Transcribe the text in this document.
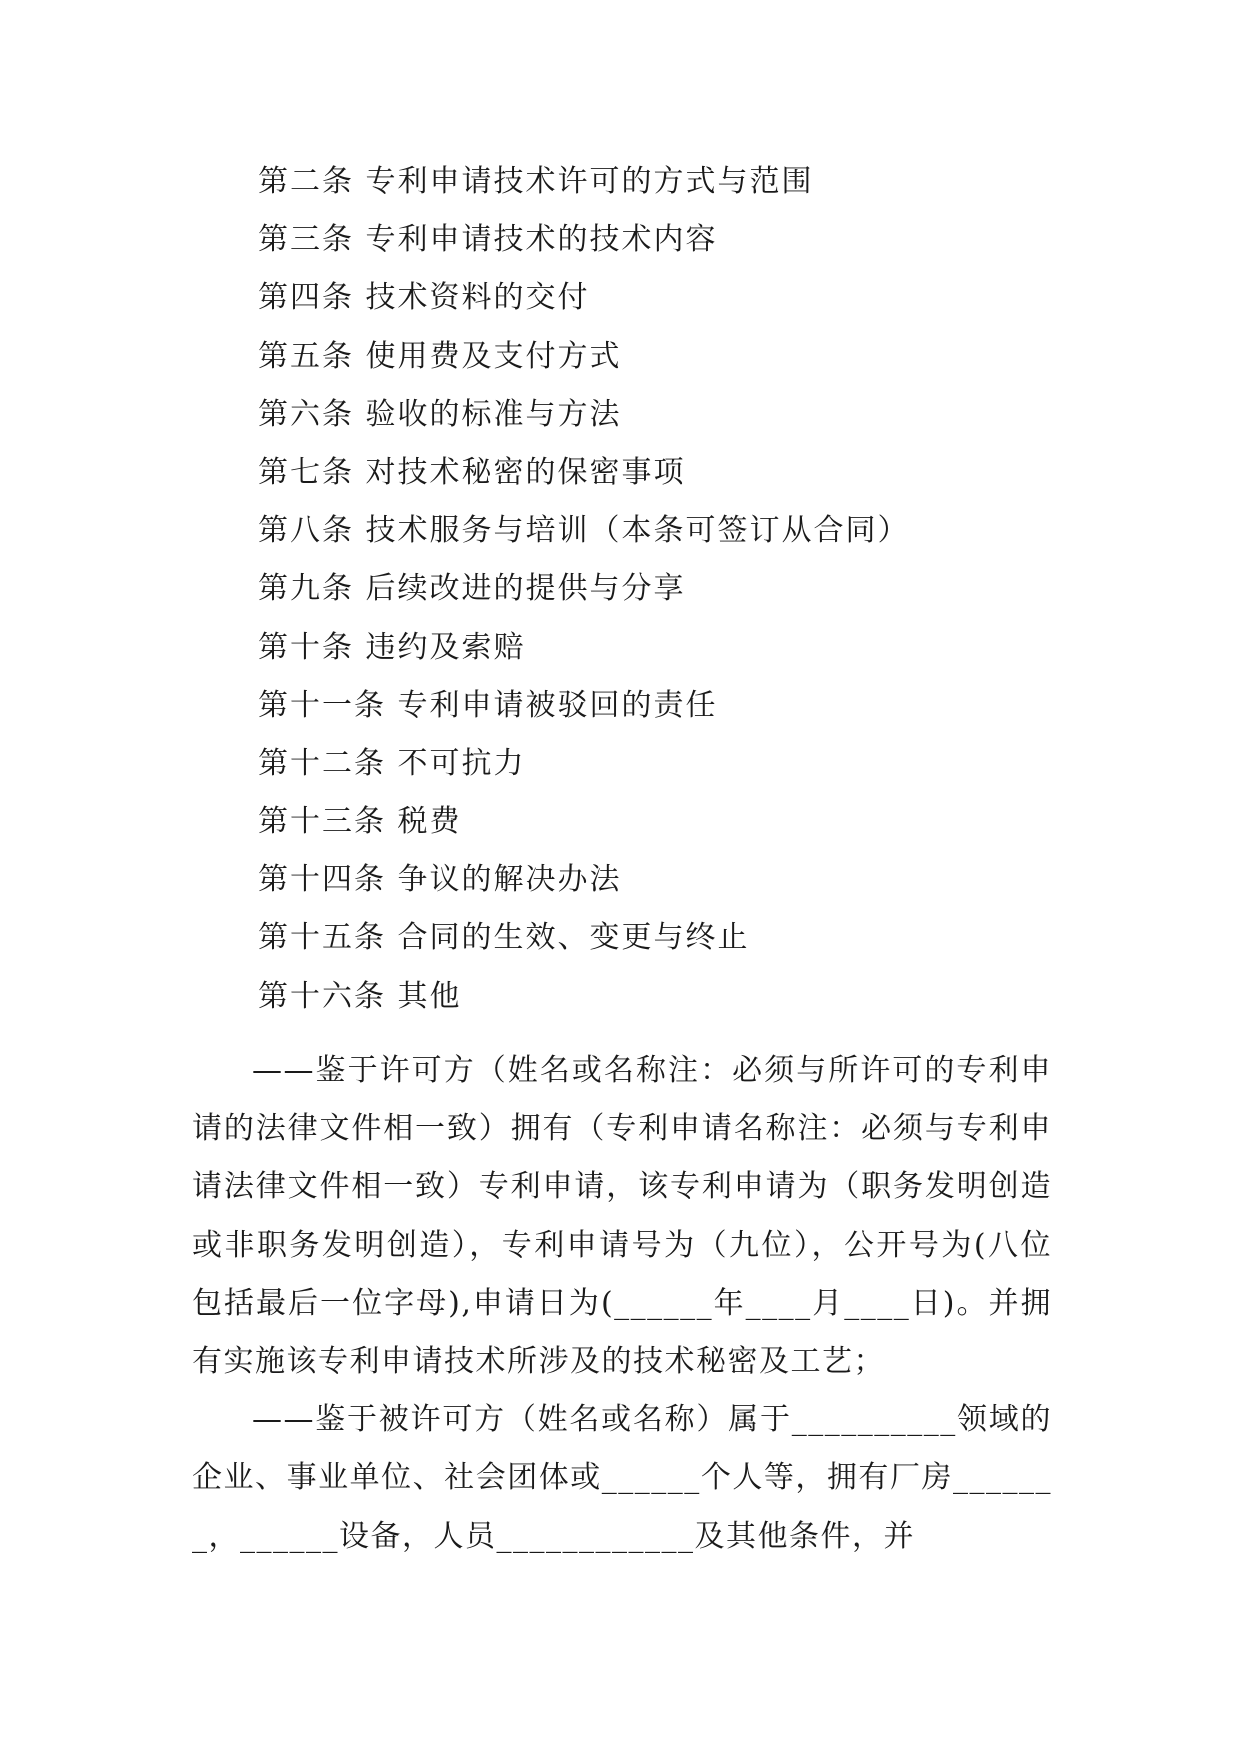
第二条 专利申请技术许可的方式与范围
第三条 专利申请技术的技术内容
第四条 技术资料的交付
第五条 使用费及支付方式
第六条 验收的标准与方法
第七条 对技术秘密的保密事项
第八条 技术服务与培训（本条可签订从合同）
第九条 后续改进的提供与分享
第十条 违约及索赔
第十一条 专利申请被驳回的责任
第十二条 不可抗力
第十三条 税费
第十四条 争议的解决办法
第十五条 合同的生效、变更与终止
第十六条 其他

——鉴于许可方（姓名或名称注：必须与所许可的专利申请的法律文件相一致）拥有（专利申请名称注：必须与专利申请法律文件相一致）专利申请，该专利申请为（职务发明创造或非职务发明创造），专利申请号为（九位），公开号为(八位包括最后一位字母),申请日为(______年____月____日)。并拥有实施该专利申请技术所涉及的技术秘密及工艺；

——鉴于被许可方（姓名或名称）属于__________领域的企业、事业单位、社会团体或______个人等，拥有厂房_______，______设备，人员____________及其他条件，并
